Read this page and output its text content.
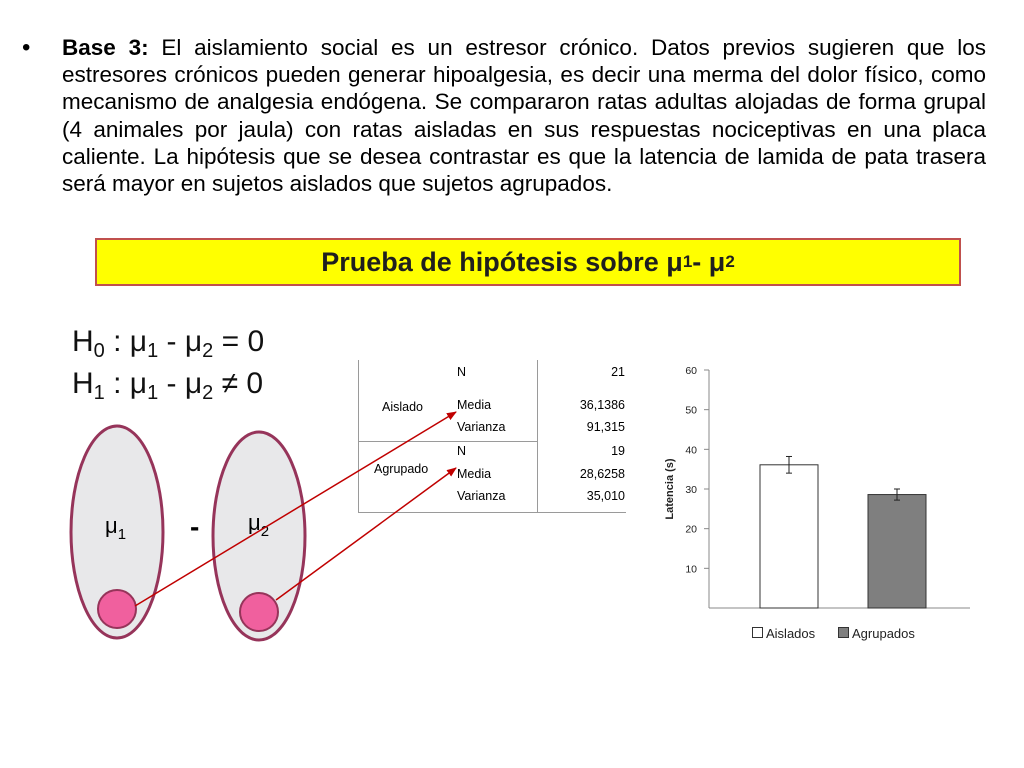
• Base 3: El aislamiento social es un estresor crónico. Datos previos sugieren que los estresores crónicos pueden generar hipoalgesia, es decir una merma del dolor físico, como mecanismo de analgesia endógena. Se compararon ratas adultas alojadas de forma grupal (4 animales por jaula) con ratas aisladas en sus respuestas nociceptivas en una placa caliente. La hipótesis que se desea contrastar es que la latencia de lamida de pata trasera será mayor en sujetos aislados que sujetos agrupados.
Prueba de hipótesis sobre μ 1 - μ 2
$H_0$ : $\mu_1 - \mu_2 = 0$
$H_1$ : $\mu_1 - \mu_2 \ne 0$
Aislado
N	21
Media	36,1386
Varianza	91,315
Agrupado
N	19
Media	28,6258
Varianza	35,010
$\mu_1 - \mu_2$
10
20
30
40
50
60
Latencia (s)
Aislados	Agrupados
